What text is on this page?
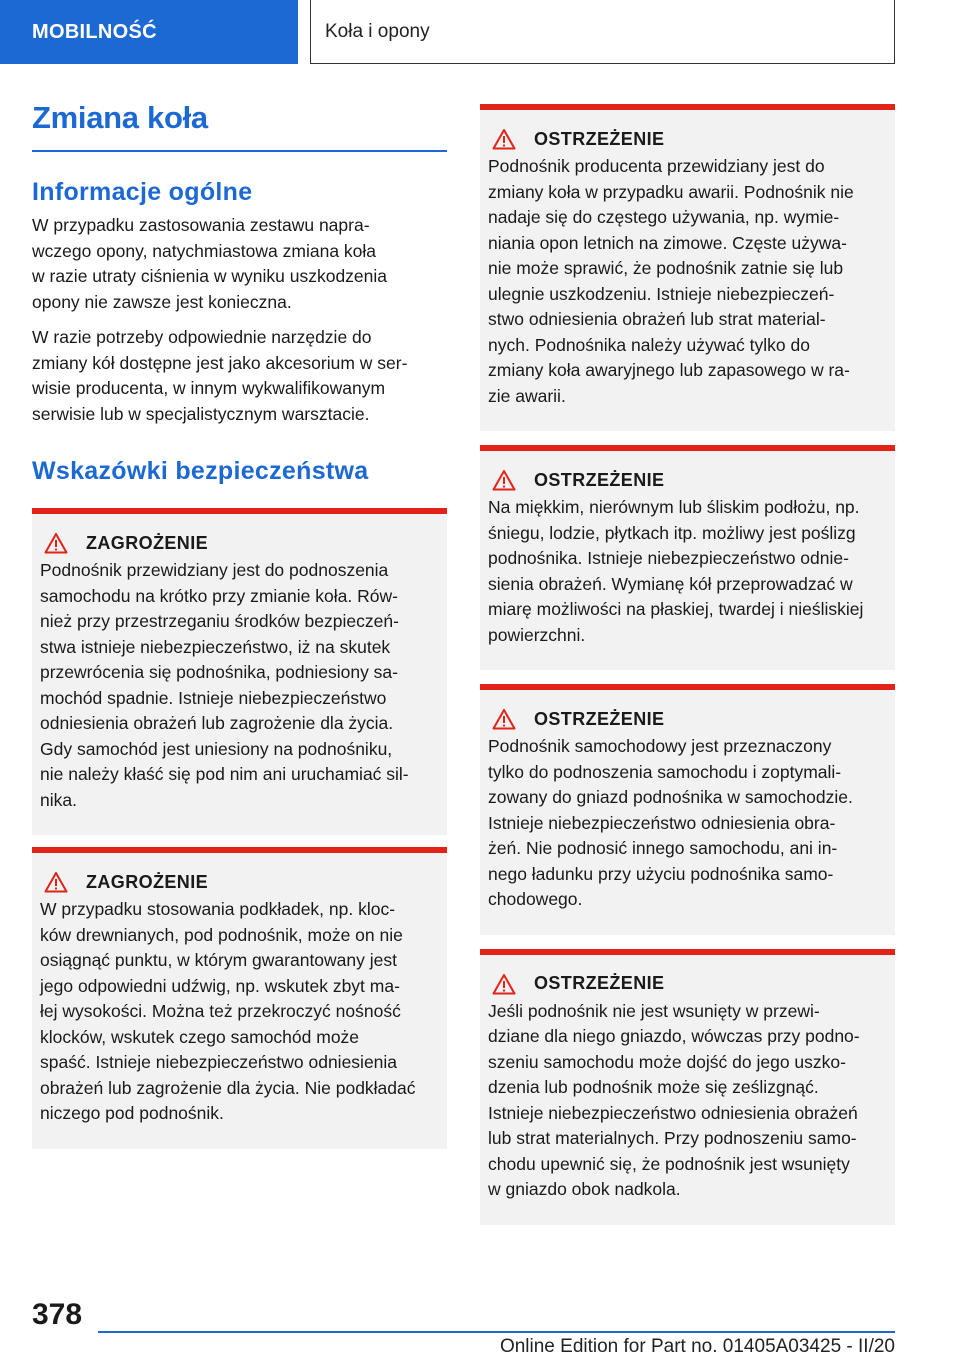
MOBILNOŚĆ	Koła i opony
Zmiana koła
Informacje ogólne

W przypadku zastosowania zestawu napra-
wczego opony, natychmiastowa zmiana koła
w razie utraty ciśnienia w wyniku uszkodzenia
opony nie zawsze jest konieczna.

W razie potrzeby odpowiednie narzędzie do
zmiany kół dostępne jest jako akcesorium w ser-
wisie producenta, w innym wykwalifikowanym
serwisie lub w specjalistycznym warsztacie.

Wskazówki bezpieczeństwa
ZAGROŻENIE

Podnośnik przewidziany jest do podnoszenia
samochodu na krótko przy zmianie koła. Rów-
nież przy przestrzeganiu środków bezpieczeń-
stwa istnieje niebezpieczeństwo, iż na skutek
przewrócenia się podnośnika, podniesiony sa-
mochód spadnie. Istnieje niebezpieczeństwo
odniesienia obrażeń lub zagrożenie dla życia.
Gdy samochód jest uniesiony na podnośniku,
nie należy kłaść się pod nim ani uruchamiać sil-
nika.

ZAGROŻENIE

W przypadku stosowania podkładek, np. kloc-
ków drewnianych, pod podnośnik, może on nie
osiągnąć punktu, w którym gwarantowany jest
jego odpowiedni udźwig, np. wskutek zbyt ma-
łej wysokości. Można też przekroczyć nośność
klocków, wskutek czego samochód może
spaść. Istnieje niebezpieczeństwo odniesienia
obrażeń lub zagrożenie dla życia. Nie podkładać
niczego pod podnośnik.

OSTRZEŻENIE

Podnośnik producenta przewidziany jest do
zmiany koła w przypadku awarii. Podnośnik nie
nadaje się do częstego używania, np. wymie-
niania opon letnich na zimowe. Częste używa-
nie może sprawić, że podnośnik zatnie się lub
ulegnie uszkodzeniu. Istnieje niebezpieczeń-
stwo odniesienia obrażeń lub strat material-
nych. Podnośnika należy używać tylko do
zmiany koła awaryjnego lub zapasowego w ra-
zie awarii.

OSTRZEŻENIE

Na miękkim, nierównym lub śliskim podłożu, np.
śniegu, lodzie, płytkach itp. możliwy jest poślizg
podnośnika. Istnieje niebezpieczeństwo odnie-
sienia obrażeń. Wymianę kół przeprowadzać w
miarę możliwości na płaskiej, twardej i nieśliskiej
powierzchni.

OSTRZEŻENIE

Podnośnik samochodowy jest przeznaczony
tylko do podnoszenia samochodu i zoptymali-
zowany do gniazd podnośnika w samochodzie.
Istnieje niebezpieczeństwo odniesienia obra-
żeń. Nie podnosić innego samochodu, ani in-
nego ładunku przy użyciu podnośnika samo-
chodowego.

OSTRZEŻENIE

Jeśli podnośnik nie jest wsunięty w przewi-
dziane dla niego gniazdo, wówczas przy podno-
szeniu samochodu może dojść do jego uszko-
dzenia lub podnośnik może się ześlizgnąć.
Istnieje niebezpieczeństwo odniesienia obrażeń
lub strat materialnych. Przy podnoszeniu samo-
chodu upewnić się, że podnośnik jest wsunięty
w gniazdo obok nadkola.

378
Online Edition for Part no. 01405A03425 - II/20
